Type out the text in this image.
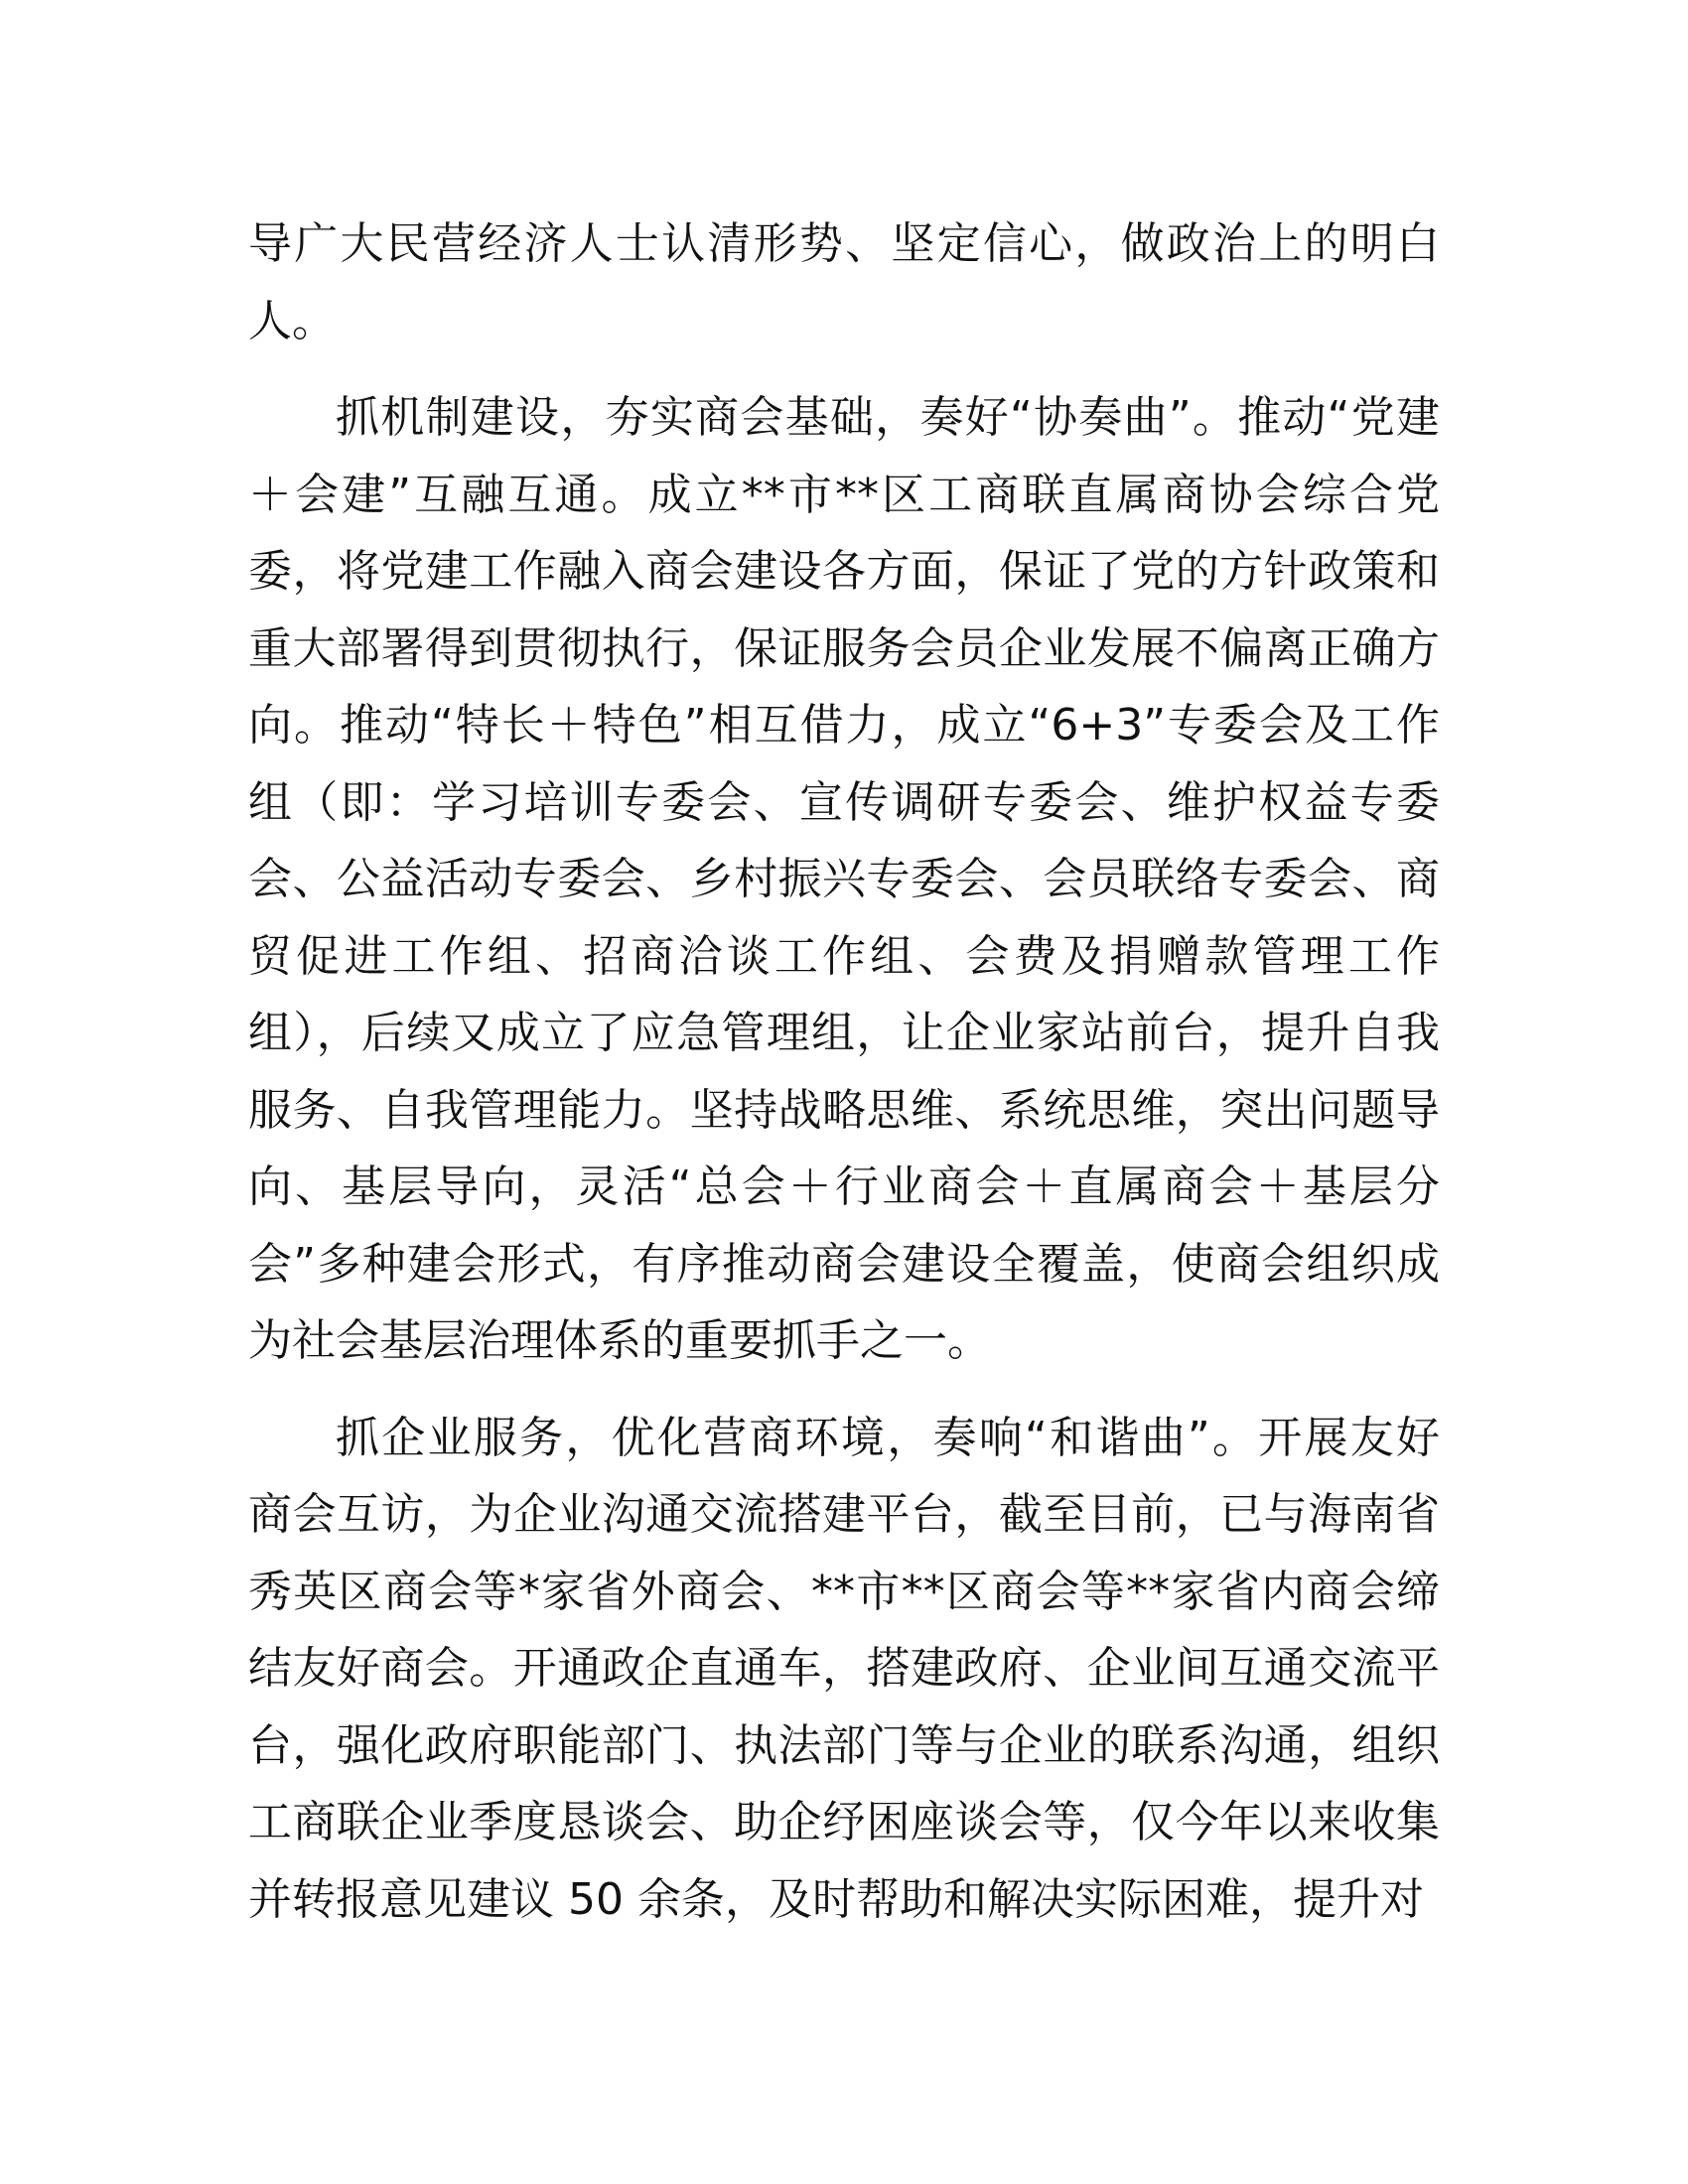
导广大民营经济人士认清形势、坚定信心，做政治上的明白
人。
抓机制建设，夯实商会基础，奏好“协奏曲”。推动“党建
＋会建”互融互通。成立**市**区工商联直属商协会综合党
委，将党建工作融入商会建设各方面，保证了党的方针政策和
重大部署得到贯彻执行，保证服务会员企业发展不偏离正确方
向。推动“特长＋特色”相互借力，成立“6+3”专委会及工作
组（即：学习培训专委会、宣传调研专委会、维护权益专委
会、公益活动专委会、乡村振兴专委会、会员联络专委会、商
贸促进工作组、招商洽谈工作组、会费及捐赠款管理工作
组），后续又成立了应急管理组，让企业家站前台，提升自我
服务、自我管理能力。坚持战略思维、系统思维，突出问题导
向、基层导向，灵活“总会＋行业商会＋直属商会＋基层分
会”多种建会形式，有序推动商会建设全覆盖，使商会组织成
为社会基层治理体系的重要抓手之一。
抓企业服务，优化营商环境，奏响“和谐曲”。开展友好
商会互访，为企业沟通交流搭建平台，截至目前，已与海南省
秀英区商会等*家省外商会、**市**区商会等**家省内商会缔
结友好商会。开通政企直通车，搭建政府、企业间互通交流平
台，强化政府职能部门、执法部门等与企业的联系沟通，组织
工商联企业季度恳谈会、助企纾困座谈会等，仅今年以来收集
并转报意见建议 50 余条，及时帮助和解决实际困难，提升对
